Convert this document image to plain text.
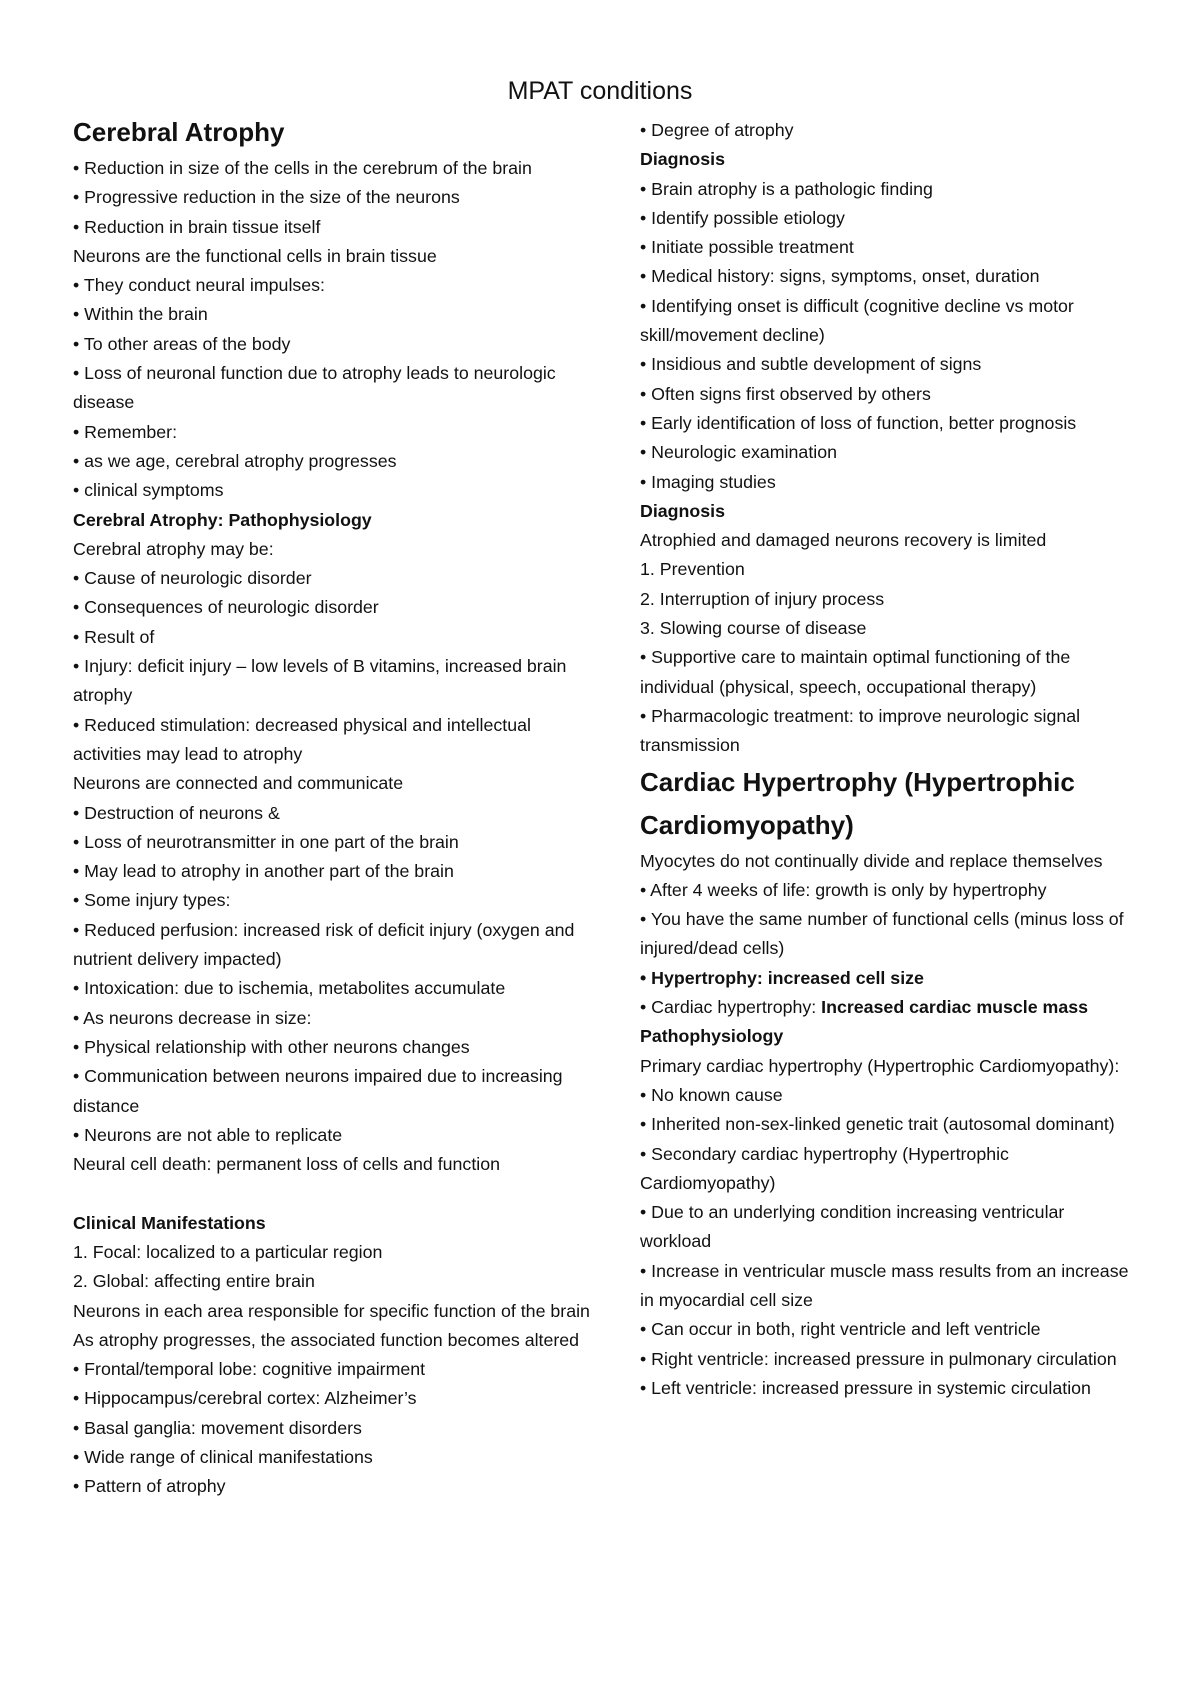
MPAT conditions
Cerebral Atrophy

• Reduction in size of the cells in the cerebrum of the brain

• Progressive reduction in the size of the neurons

• Reduction in brain tissue itself

Neurons are the functional cells in brain tissue

• They conduct neural impulses:

• Within the brain

• To other areas of the body

• Loss of neuronal function due to atrophy leads to neurologic disease

• Remember:

• as we age, cerebral atrophy progresses

• clinical symptoms

Cerebral Atrophy: Pathophysiology

Cerebral atrophy may be:

• Cause of neurologic disorder

• Consequences of neurologic disorder

• Result of

• Injury: deficit injury – low levels of B vitamins, increased brain atrophy

• Reduced stimulation: decreased physical and intellectual activities may lead to atrophy

Neurons are connected and communicate

• Destruction of neurons &

• Loss of neurotransmitter in one part of the brain

• May lead to atrophy in another part of the brain

• Some injury types:

• Reduced perfusion: increased risk of deficit injury (oxygen and nutrient delivery impacted)

• Intoxication: due to ischemia, metabolites accumulate

• As neurons decrease in size:

• Physical relationship with other neurons changes

• Communication between neurons impaired due to increasing distance

• Neurons are not able to replicate

Neural cell death: permanent loss of cells and function

Clinical Manifestations

1. Focal: localized to a particular region

2. Global: affecting entire brain

Neurons in each area responsible for specific function of the brain

As atrophy progresses, the associated function becomes altered

• Frontal/temporal lobe: cognitive impairment

• Hippocampus/cerebral cortex: Alzheimer’s

• Basal ganglia: movement disorders

• Wide range of clinical manifestations

• Pattern of atrophy

• Degree of atrophy

Diagnosis

• Brain atrophy is a pathologic finding

• Identify possible etiology

• Initiate possible treatment

• Medical history: signs, symptoms, onset, duration

• Identifying onset is difficult (cognitive decline vs motor skill/movement decline)

• Insidious and subtle development of signs

• Often signs first observed by others

• Early identification of loss of function, better prognosis

• Neurologic examination

• Imaging studies

Diagnosis

Atrophied and damaged neurons recovery is limited

1. Prevention

2. Interruption of injury process

3. Slowing course of disease

• Supportive care to maintain optimal functioning of the individual (physical, speech, occupational therapy)

• Pharmacologic treatment: to improve neurologic signal transmission

Cardiac Hypertrophy (Hypertrophic Cardiomyopathy)

Myocytes do not continually divide and replace themselves

• After 4 weeks of life: growth is only by hypertrophy

• You have the same number of functional cells (minus loss of injured/dead cells)

• Hypertrophy: increased cell size

• Cardiac hypertrophy: Increased cardiac muscle mass

Pathophysiology

Primary cardiac hypertrophy (Hypertrophic Cardiomyopathy):

• No known cause

• Inherited non-sex-linked genetic trait (autosomal dominant)

• Secondary cardiac hypertrophy (Hypertrophic Cardiomyopathy)

• Due to an underlying condition increasing ventricular

workload

• Increase in ventricular muscle mass results from an increase in myocardial cell size

• Can occur in both, right ventricle and left ventricle

• Right ventricle: increased pressure in pulmonary circulation

• Left ventricle: increased pressure in systemic circulation
